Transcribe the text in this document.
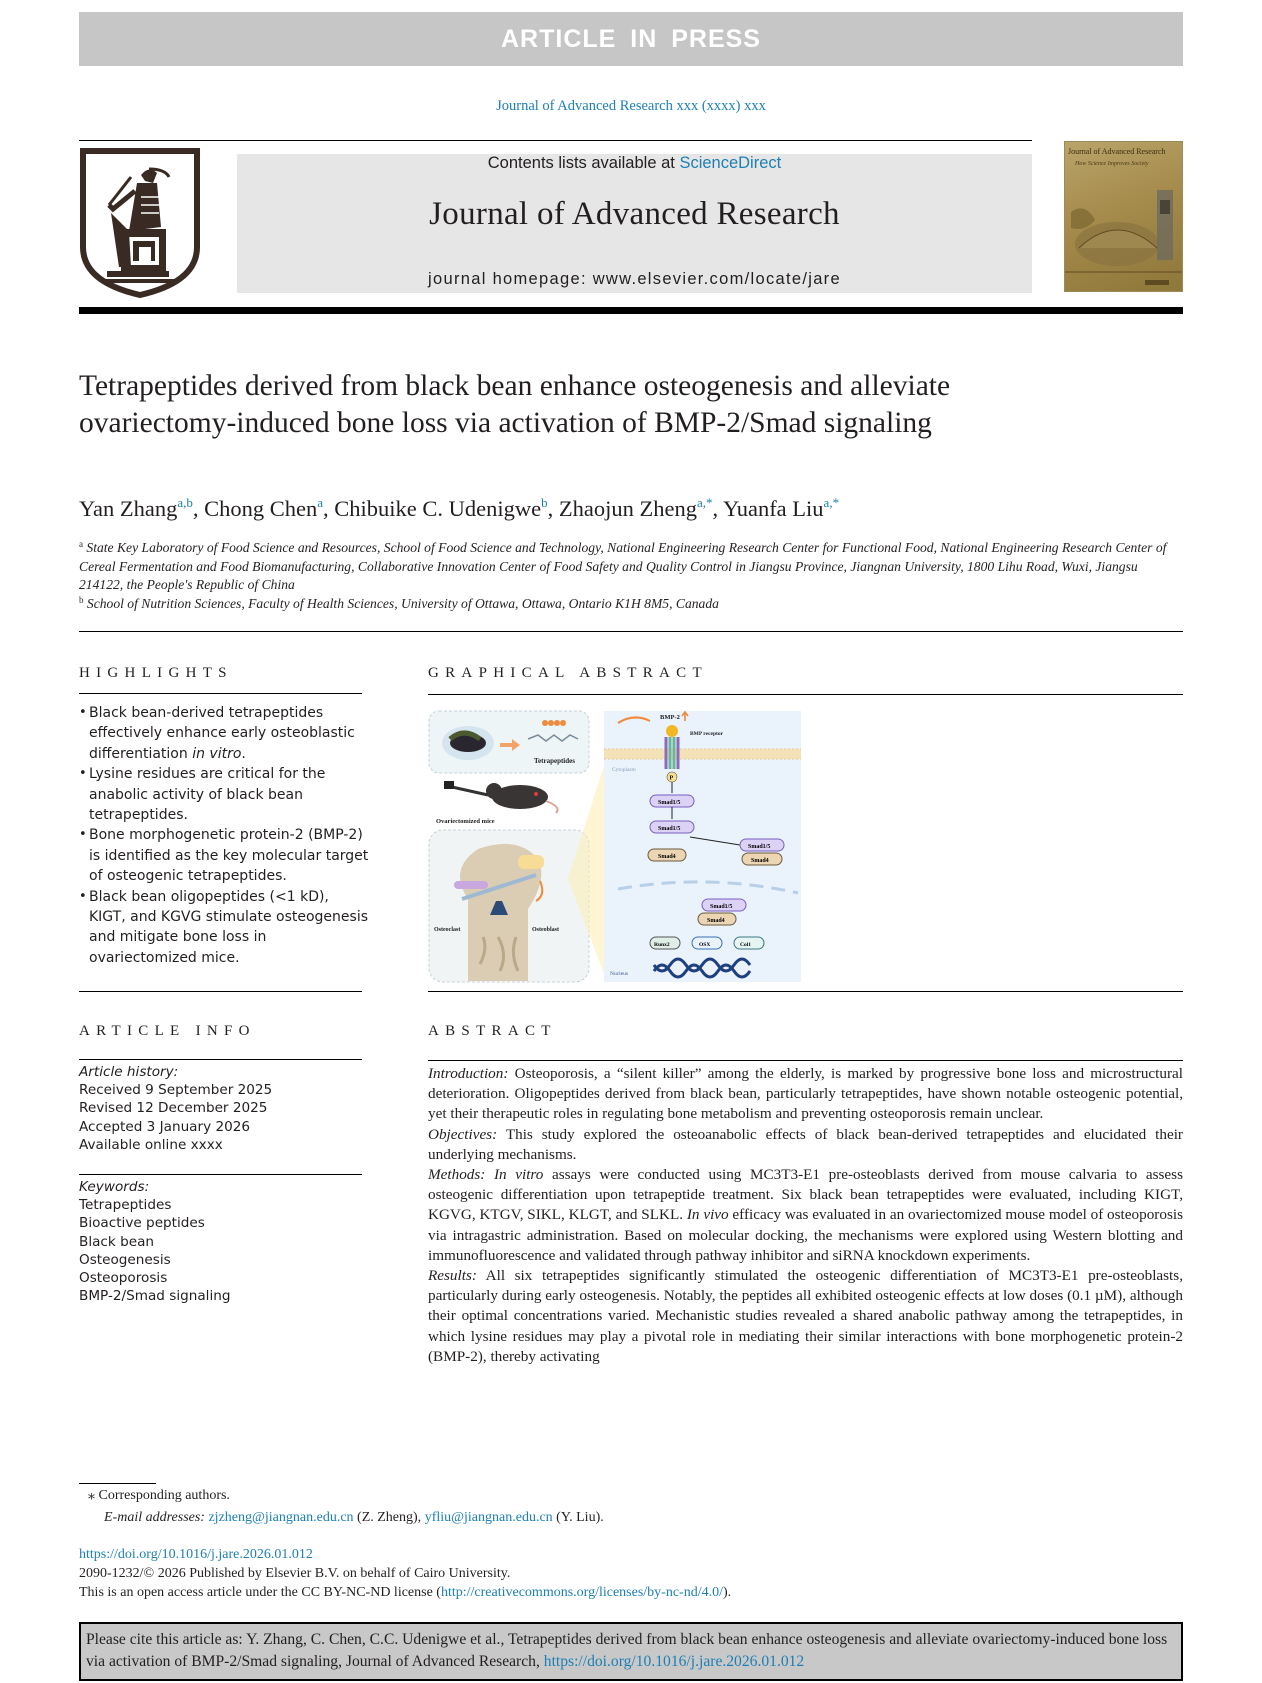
ARTICLE IN PRESS
Journal of Advanced Research xxx (xxxx) xxx
Contents lists available at ScienceDirect
Journal of Advanced Research
journal homepage: www.elsevier.com/locate/jare
Journal of Advanced Research
How Science Improves Society
Tetrapeptides derived from black bean enhance osteogenesis and alleviate ovariectomy-induced bone loss via activation of BMP-2/Smad signaling
Yan Zhang$^{a,b}$, Chong Chen$^a$, Chibuike C. Udenigwe$^b$, Zhaojun Zheng$^{a,*}$, Yuanfa Liu$^{a,*}$
$^a$ State Key Laboratory of Food Science and Resources, School of Food Science and Technology, National Engineering Research Center for Functional Food, National Engineering Research Center of Cereal Fermentation and Food Biomanufacturing, Collaborative Innovation Center of Food Safety and Quality Control in Jiangsu Province, Jiangnan University, 1800 Lihu Road, Wuxi, Jiangsu 214122, the People's Republic of China
$^b$ School of Nutrition Sciences, Faculty of Health Sciences, University of Ottawa, Ottawa, Ontario K1H 8M5, Canada
HIGHLIGHTS
• Black bean-derived tetrapeptides effectively enhance early osteoblastic differentiation in vitro.
• Lysine residues are critical for the anabolic activity of black bean tetrapeptides.
• Bone morphogenetic protein-2 (BMP-2) is identified as the key molecular target of osteogenic tetrapeptides.
• Black bean oligopeptides (<1 kD), KIGT, and KGVG stimulate osteogenesis and mitigate bone loss in ovariectomized mice.
GRAPHICAL ABSTRACT
Tetrapeptides
Ovariectomized mice
Osteoclast	Osteoblast
BMP-2
BMP receptor
Cytoplasm
P
Smad1/5
Smad1/5
Smad4
Smad1/5
Smad4
Smad1/5
Smad4
Runx2	OSX	Col1
Nucleus
ARTICLE INFO
Article history:
Received 9 September 2025
Revised 12 December 2025
Accepted 3 January 2026
Available online xxxx
Keywords:
Tetrapeptides
Bioactive peptides
Black bean
Osteogenesis
Osteoporosis
BMP-2/Smad signaling
ABSTRACT

Introduction: Osteoporosis, a “silent killer” among the elderly, is marked by progressive bone loss and microstructural deterioration. Oligopeptides derived from black bean, particularly tetrapeptides, have shown notable osteogenic potential, yet their therapeutic roles in regulating bone metabolism and preventing osteoporosis remain unclear.

Objectives: This study explored the osteoanabolic effects of black bean-derived tetrapeptides and elucidated their underlying mechanisms.

Methods: In vitro assays were conducted using MC3T3-E1 pre-osteoblasts derived from mouse calvaria to assess osteogenic differentiation upon tetrapeptide treatment. Six black bean tetrapeptides were evaluated, including KIGT, KGVG, KTGV, SIKL, KLGT, and SLKL. In vivo efficacy was evaluated in an ovariectomized mouse model of osteoporosis via intragastric administration. Based on molecular docking, the mechanisms were explored using Western blotting and immunofluorescence and validated through pathway inhibitor and siRNA knockdown experiments.

Results: All six tetrapeptides significantly stimulated the osteogenic differentiation of MC3T3-E1 pre-osteoblasts, particularly during early osteogenesis. Notably, the peptides all exhibited osteogenic effects at low doses (0.1 µM), although their optimal concentrations varied. Mechanistic studies revealed a shared anabolic pathway among the tetrapeptides, in which lysine residues may play a pivotal role in mediating their similar interactions with bone morphogenetic protein-2 (BMP-2), thereby activating

⁎ Corresponding authors.
E-mail addresses: zjzheng@jiangnan.edu.cn (Z. Zheng), yfliu@jiangnan.edu.cn (Y. Liu).
https://doi.org/10.1016/j.jare.2026.01.012
2090-1232/© 2026 Published by Elsevier B.V. on behalf of Cairo University.
This is an open access article under the CC BY-NC-ND license (http://creativecommons.org/licenses/by-nc-nd/4.0/).
Please cite this article as: Y. Zhang, C. Chen, C.C. Udenigwe et al., Tetrapeptides derived from black bean enhance osteogenesis and alleviate ovariectomy-induced bone loss via activation of BMP-2/Smad signaling, Journal of Advanced Research, https://doi.org/10.1016/j.jare.2026.01.012
